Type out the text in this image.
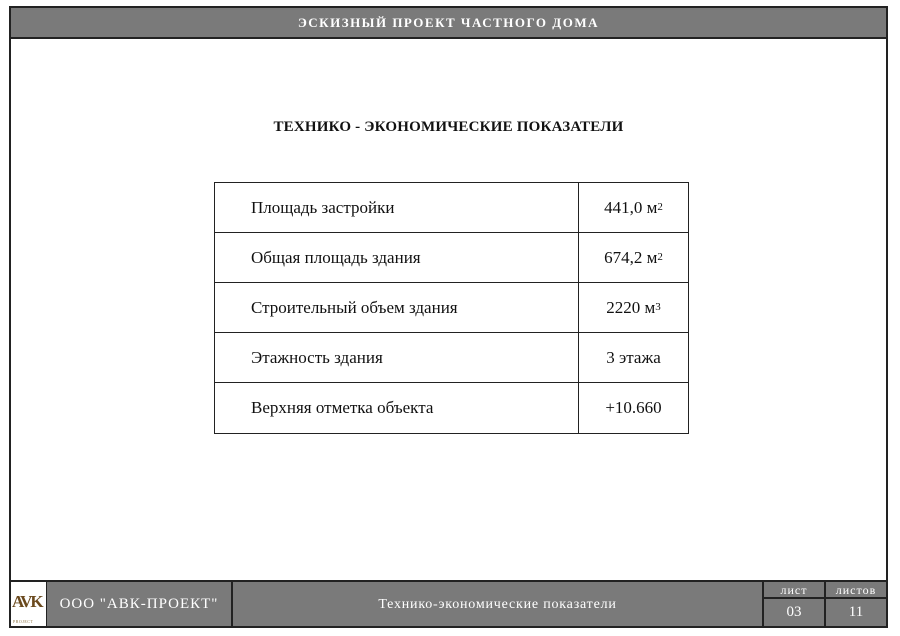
ЭСКИЗНЫЙ ПРОЕКТ ЧАСТНОГО ДОМА
ТЕХНИКО - ЭКОНОМИЧЕСКИЕ ПОКАЗАТЕЛИ
Площадь застройки	441,0 $м^2$
Общая площадь здания	674,2 $м^2$
Строительный объем здания	2220 $м^3$
Этажность здания	3 этажа
Верхняя отметка объекта	+10.660
AVK
PROJECT
ООО "АВК-ПРОЕКТ"	Технико-экономические показатели
лист
03
листов
11
